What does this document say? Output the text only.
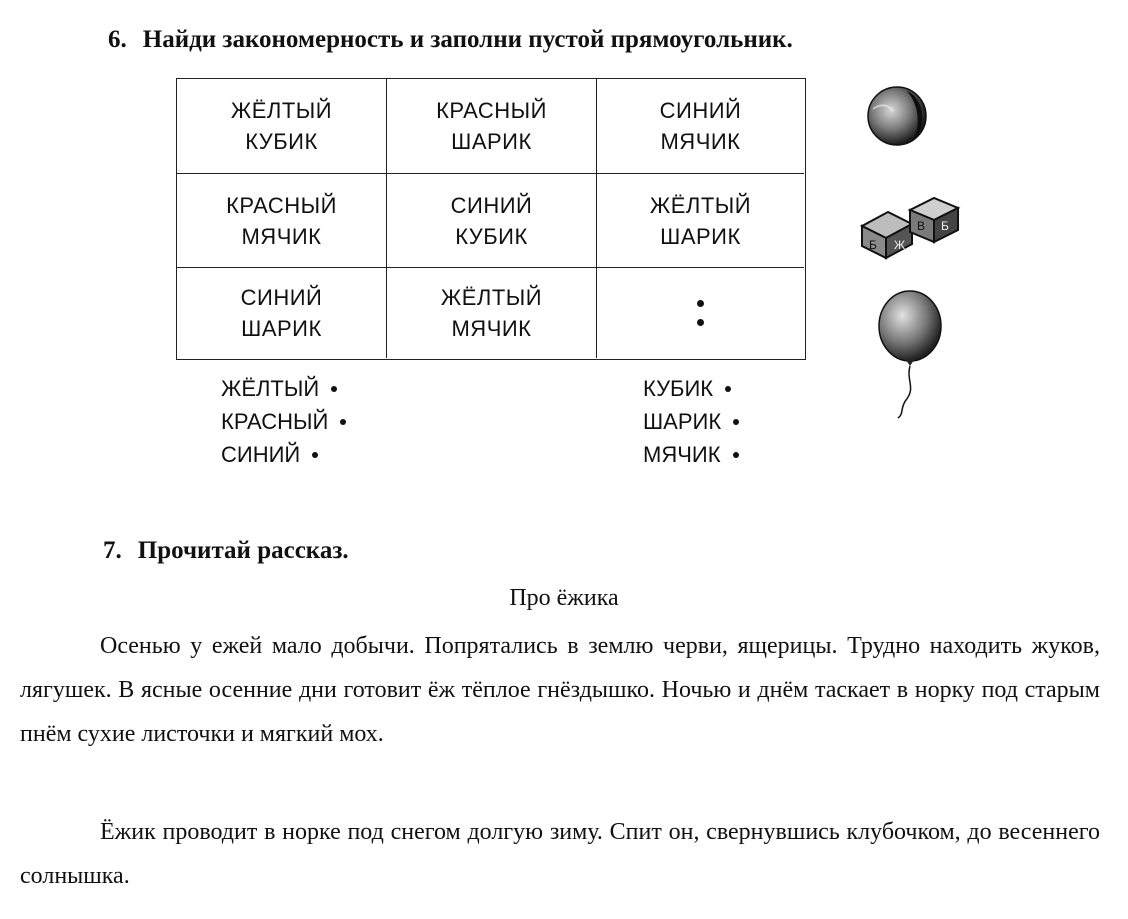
6. Найди закономерность и заполни пустой прямоугольник.
ЖЁЛТЫЙ
КУБИК
КРАСНЫЙ
ШАРИК
СИНИЙ
МЯЧИК
КРАСНЫЙ
МЯЧИК
СИНИЙ
КУБИК
ЖЁЛТЫЙ
ШАРИК
СИНИЙ
ШАРИК
ЖЁЛТЫЙ
МЯЧИК
ЖЁЛТЫЙ
КРАСНЫЙ
СИНИЙ
КУБИК
ШАРИК
МЯЧИК
Б Ж
В Б
7. Прочитай рассказ.
Про ёжика
Осенью у ежей мало добычи. Попрятались в землю черви, ящерицы. Трудно находить жуков, лягушек. В ясные осенние дни готовит ёж тёплое гнёздышко. Ночью и днём таскает в норку под старым пнём сухие листочки и мягкий мох.
Ёжик проводит в норке под снегом долгую зиму. Спит он, свернувшись клубочком, до весеннего солнышка.
